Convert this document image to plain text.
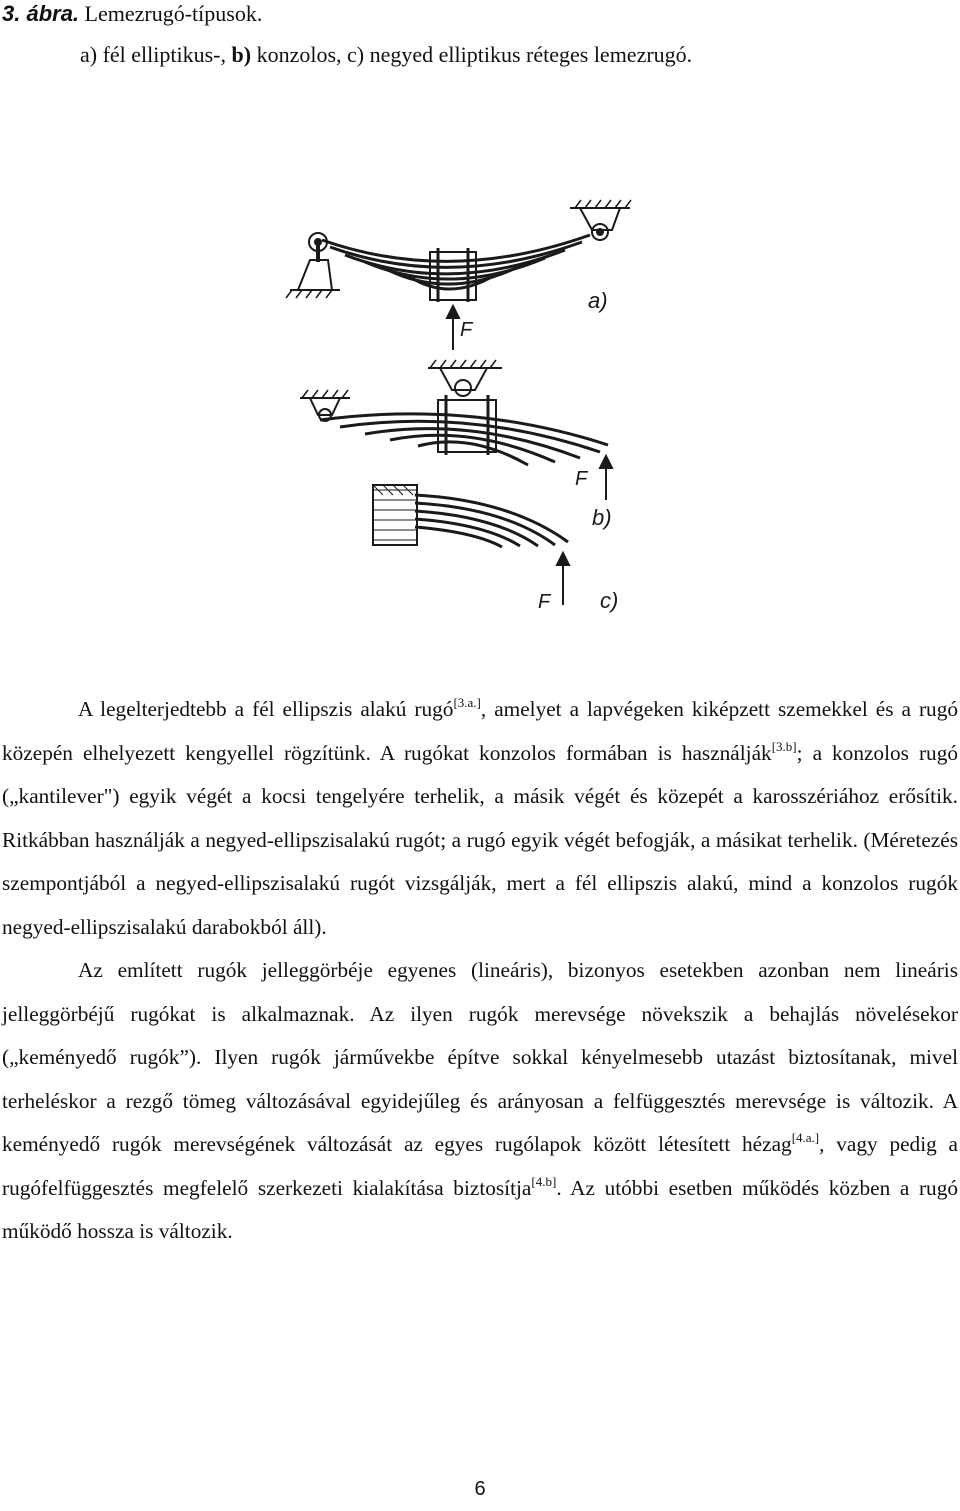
3. ábra. Lemezrugó-típusok.
a) fél elliptikus-, b) konzolos, c) negyed elliptikus réteges lemezrugó.
a)
F
F
b)
F c)

A legelterjedtebb a fél ellipszis alakú rugó[3.a.], amelyet a lapvégeken kiképzett szemekkel és a rugó közepén elhelyezett kengyellel rögzítünk. A rugókat konzolos formában is használják[3.b]; a konzolos rugó („kantilever") egyik végét a kocsi tengelyére terhelik, a másik végét és közepét a karosszériához erősítik. Ritkábban használják a negyed-ellipszisalakú rugót; a rugó egyik végét befogják, a másikat terhelik. (Méretezés szempontjából a negyed-ellipszisalakú rugót vizsgálják, mert a fél ellipszis alakú, mind a konzolos rugók negyed-ellipszisalakú darabokból áll).

Az említett rugók jelleggörbéje egyenes (lineáris), bizonyos esetekben azonban nem lineáris jelleggörbéjű rugókat is alkalmaznak. Az ilyen rugók merevsége növekszik a behajlás növelésekor („keményedő rugók”). Ilyen rugók járművekbe építve sokkal kényelmesebb utazást biztosítanak, mivel terheléskor a rezgő tömeg változásával egyidejűleg és arányosan a felfüggesztés merevsége is változik. A keményedő rugók merevségének változását az egyes rugólapok között létesített hézag[4.a.], vagy pedig a rugófelfüggesztés megfelelő szerkezeti kialakítása biztosítja[4.b]. Az utóbbi esetben működés közben a rugó működő hossza is változik.

6
